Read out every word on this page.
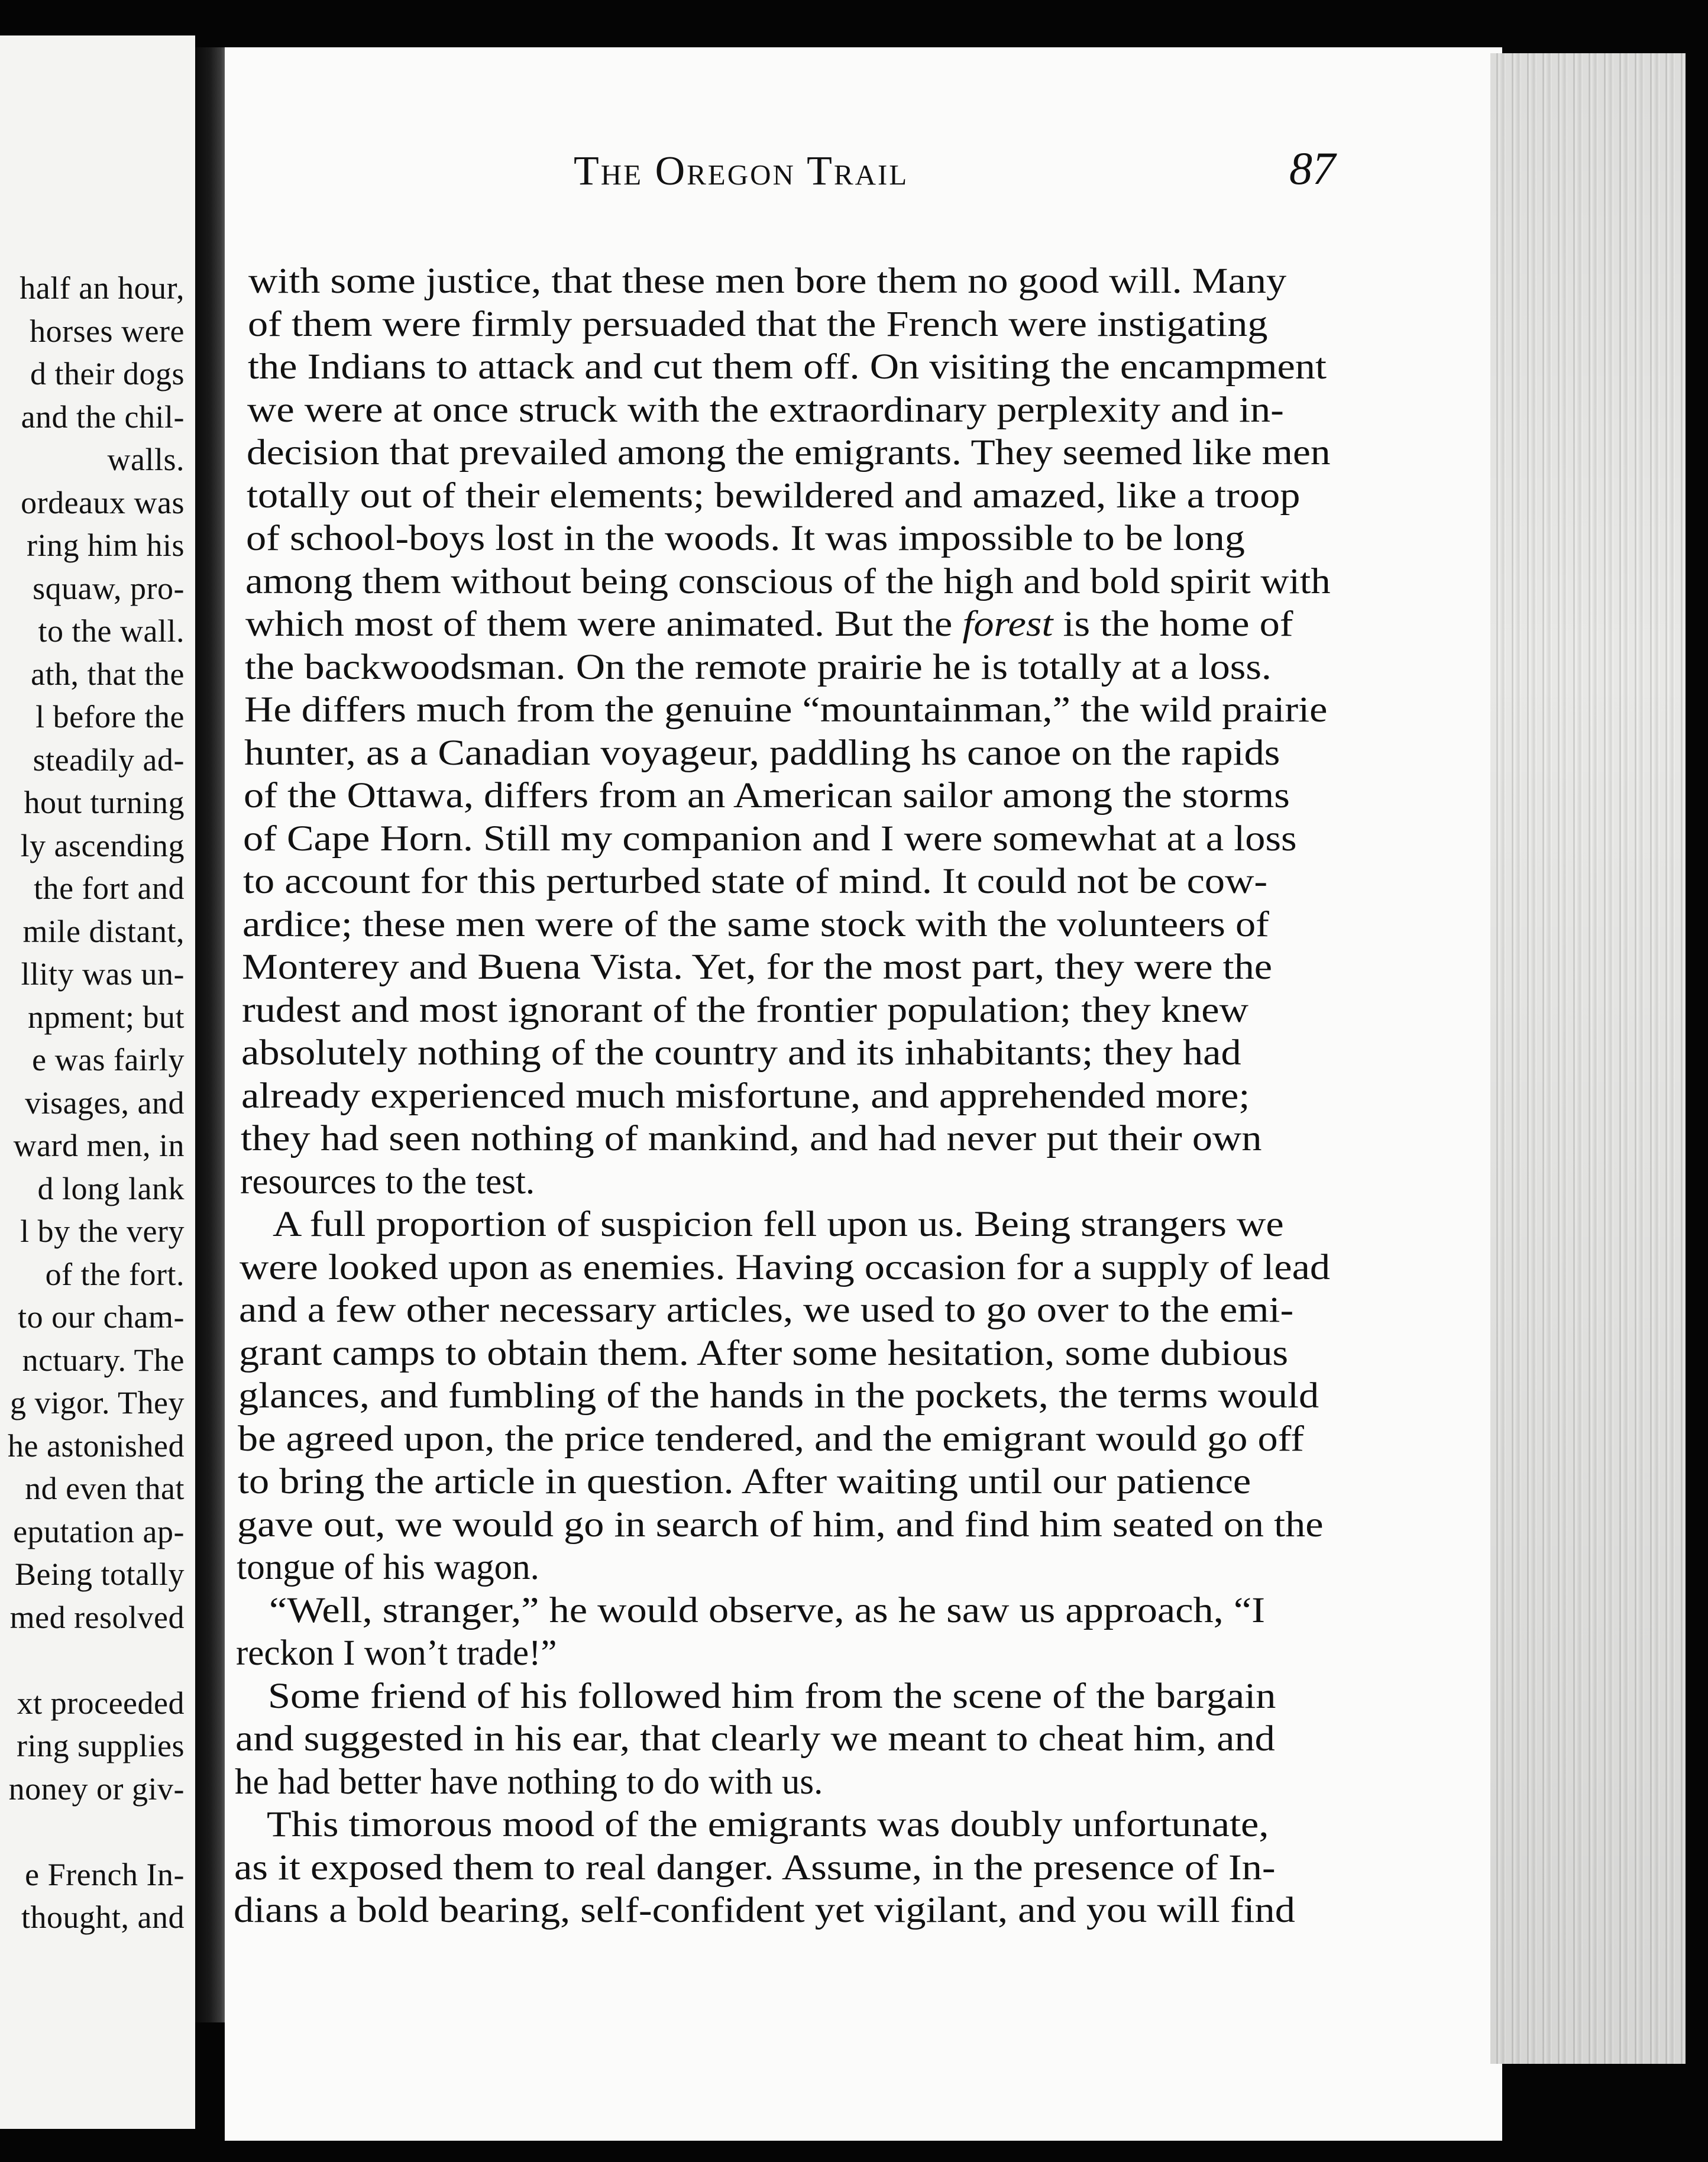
half an hour,
horses were
d their dogs
and the chil-
walls.
ordeaux was
ring him his
squaw, pro-
to the wall.
ath, that the
l before the
steadily ad-
hout turning
ly ascending
the fort and
mile distant,
llity was un-
npment; but
e was fairly
visages, and
ward men, in
d long lank
l by the very
of the fort.
to our cham-
nctuary. The
g vigor. They
he astonished
nd even that
eputation ap-
Being totally
med resolved
xt proceeded
ring supplies
noney or giv-
e French In-
thought, and
The Oregon Trail	87
with some justice, that these men bore them no good will. Many
of them were firmly persuaded that the French were instigating
the Indians to attack and cut them off. On visiting the encampment
we were at once struck with the extraordinary perplexity and in-
decision that prevailed among the emigrants. They seemed like men
totally out of their elements; bewildered and amazed, like a troop
of school-boys lost in the woods. It was impossible to be long
among them without being conscious of the high and bold spirit with
which most of them were animated. But the forest is the home of
the backwoodsman. On the remote prairie he is totally at a loss.
He differs much from the genuine “mountainman,” the wild prairie
hunter, as a Canadian voyageur, paddling hs canoe on the rapids
of the Ottawa, differs from an American sailor among the storms
of Cape Horn. Still my companion and I were somewhat at a loss
to account for this perturbed state of mind. It could not be cow-
ardice; these men were of the same stock with the volunteers of
Monterey and Buena Vista. Yet, for the most part, they were the
rudest and most ignorant of the frontier population; they knew
absolutely nothing of the country and its inhabitants; they had
already experienced much misfortune, and apprehended more;
they had seen nothing of mankind, and had never put their own
resources to the test.
A full proportion of suspicion fell upon us. Being strangers we
were looked upon as enemies. Having occasion for a supply of lead
and a few other necessary articles, we used to go over to the emi-
grant camps to obtain them. After some hesitation, some dubious
glances, and fumbling of the hands in the pockets, the terms would
be agreed upon, the price tendered, and the emigrant would go off
to bring the article in question. After waiting until our patience
gave out, we would go in search of him, and find him seated on the
tongue of his wagon.
“Well, stranger,” he would observe, as he saw us approach, “I
reckon I won’t trade!”
Some friend of his followed him from the scene of the bargain
and suggested in his ear, that clearly we meant to cheat him, and
he had better have nothing to do with us.
This timorous mood of the emigrants was doubly unfortunate,
as it exposed them to real danger. Assume, in the presence of In-
dians a bold bearing, self-confident yet vigilant, and you will find
